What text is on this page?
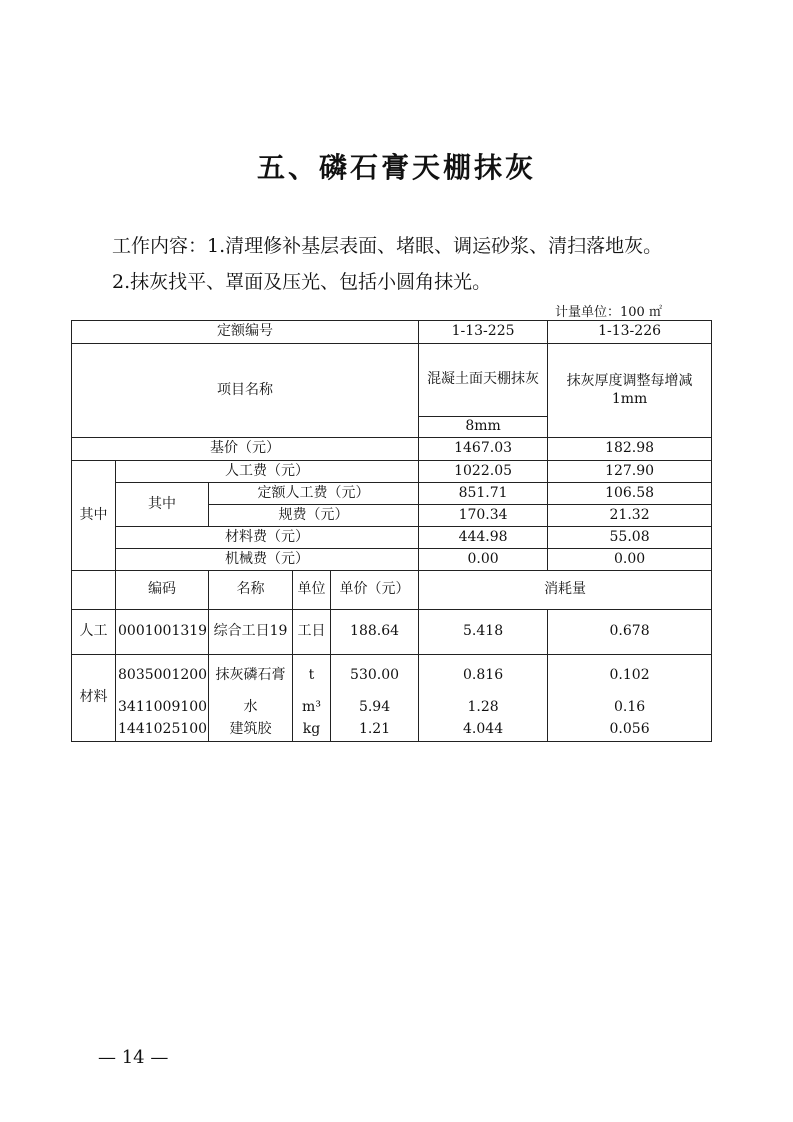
五、磷石膏天棚抹灰
工作内容：1.清理修补基层表面、堵眼、调运砂浆、清扫落地灰。
2.抹灰找平、罩面及压光、包括小圆角抹光。
计量单位：100 ㎡
定额编号					1-13-225	1-13-226
项目名称					混凝土面天棚抹灰	抹灰厚度调整每增减1mm
					8mm	
基价（元）					1467.03	182.98
其中	人工费（元）				1022.05	127.90
	其中	定额人工费（元）			851.71	106.58
		规费（元）			170.34	21.32
	材料费（元）				444.98	55.08
	机械费（元）				0.00	0.00
	编码	名称	单位	单价（元）	消耗量	
人工	0001001319	综合工日19	工日	188.64	5.418	0.678
材料	8035001200	抹灰磷石膏	t	530.00	0.816	0.102
	3411009100	水	m³	5.94	1.28	0.16
	1441025100	建筑胶	kg	1.21	4.044	0.056
— 14 —
